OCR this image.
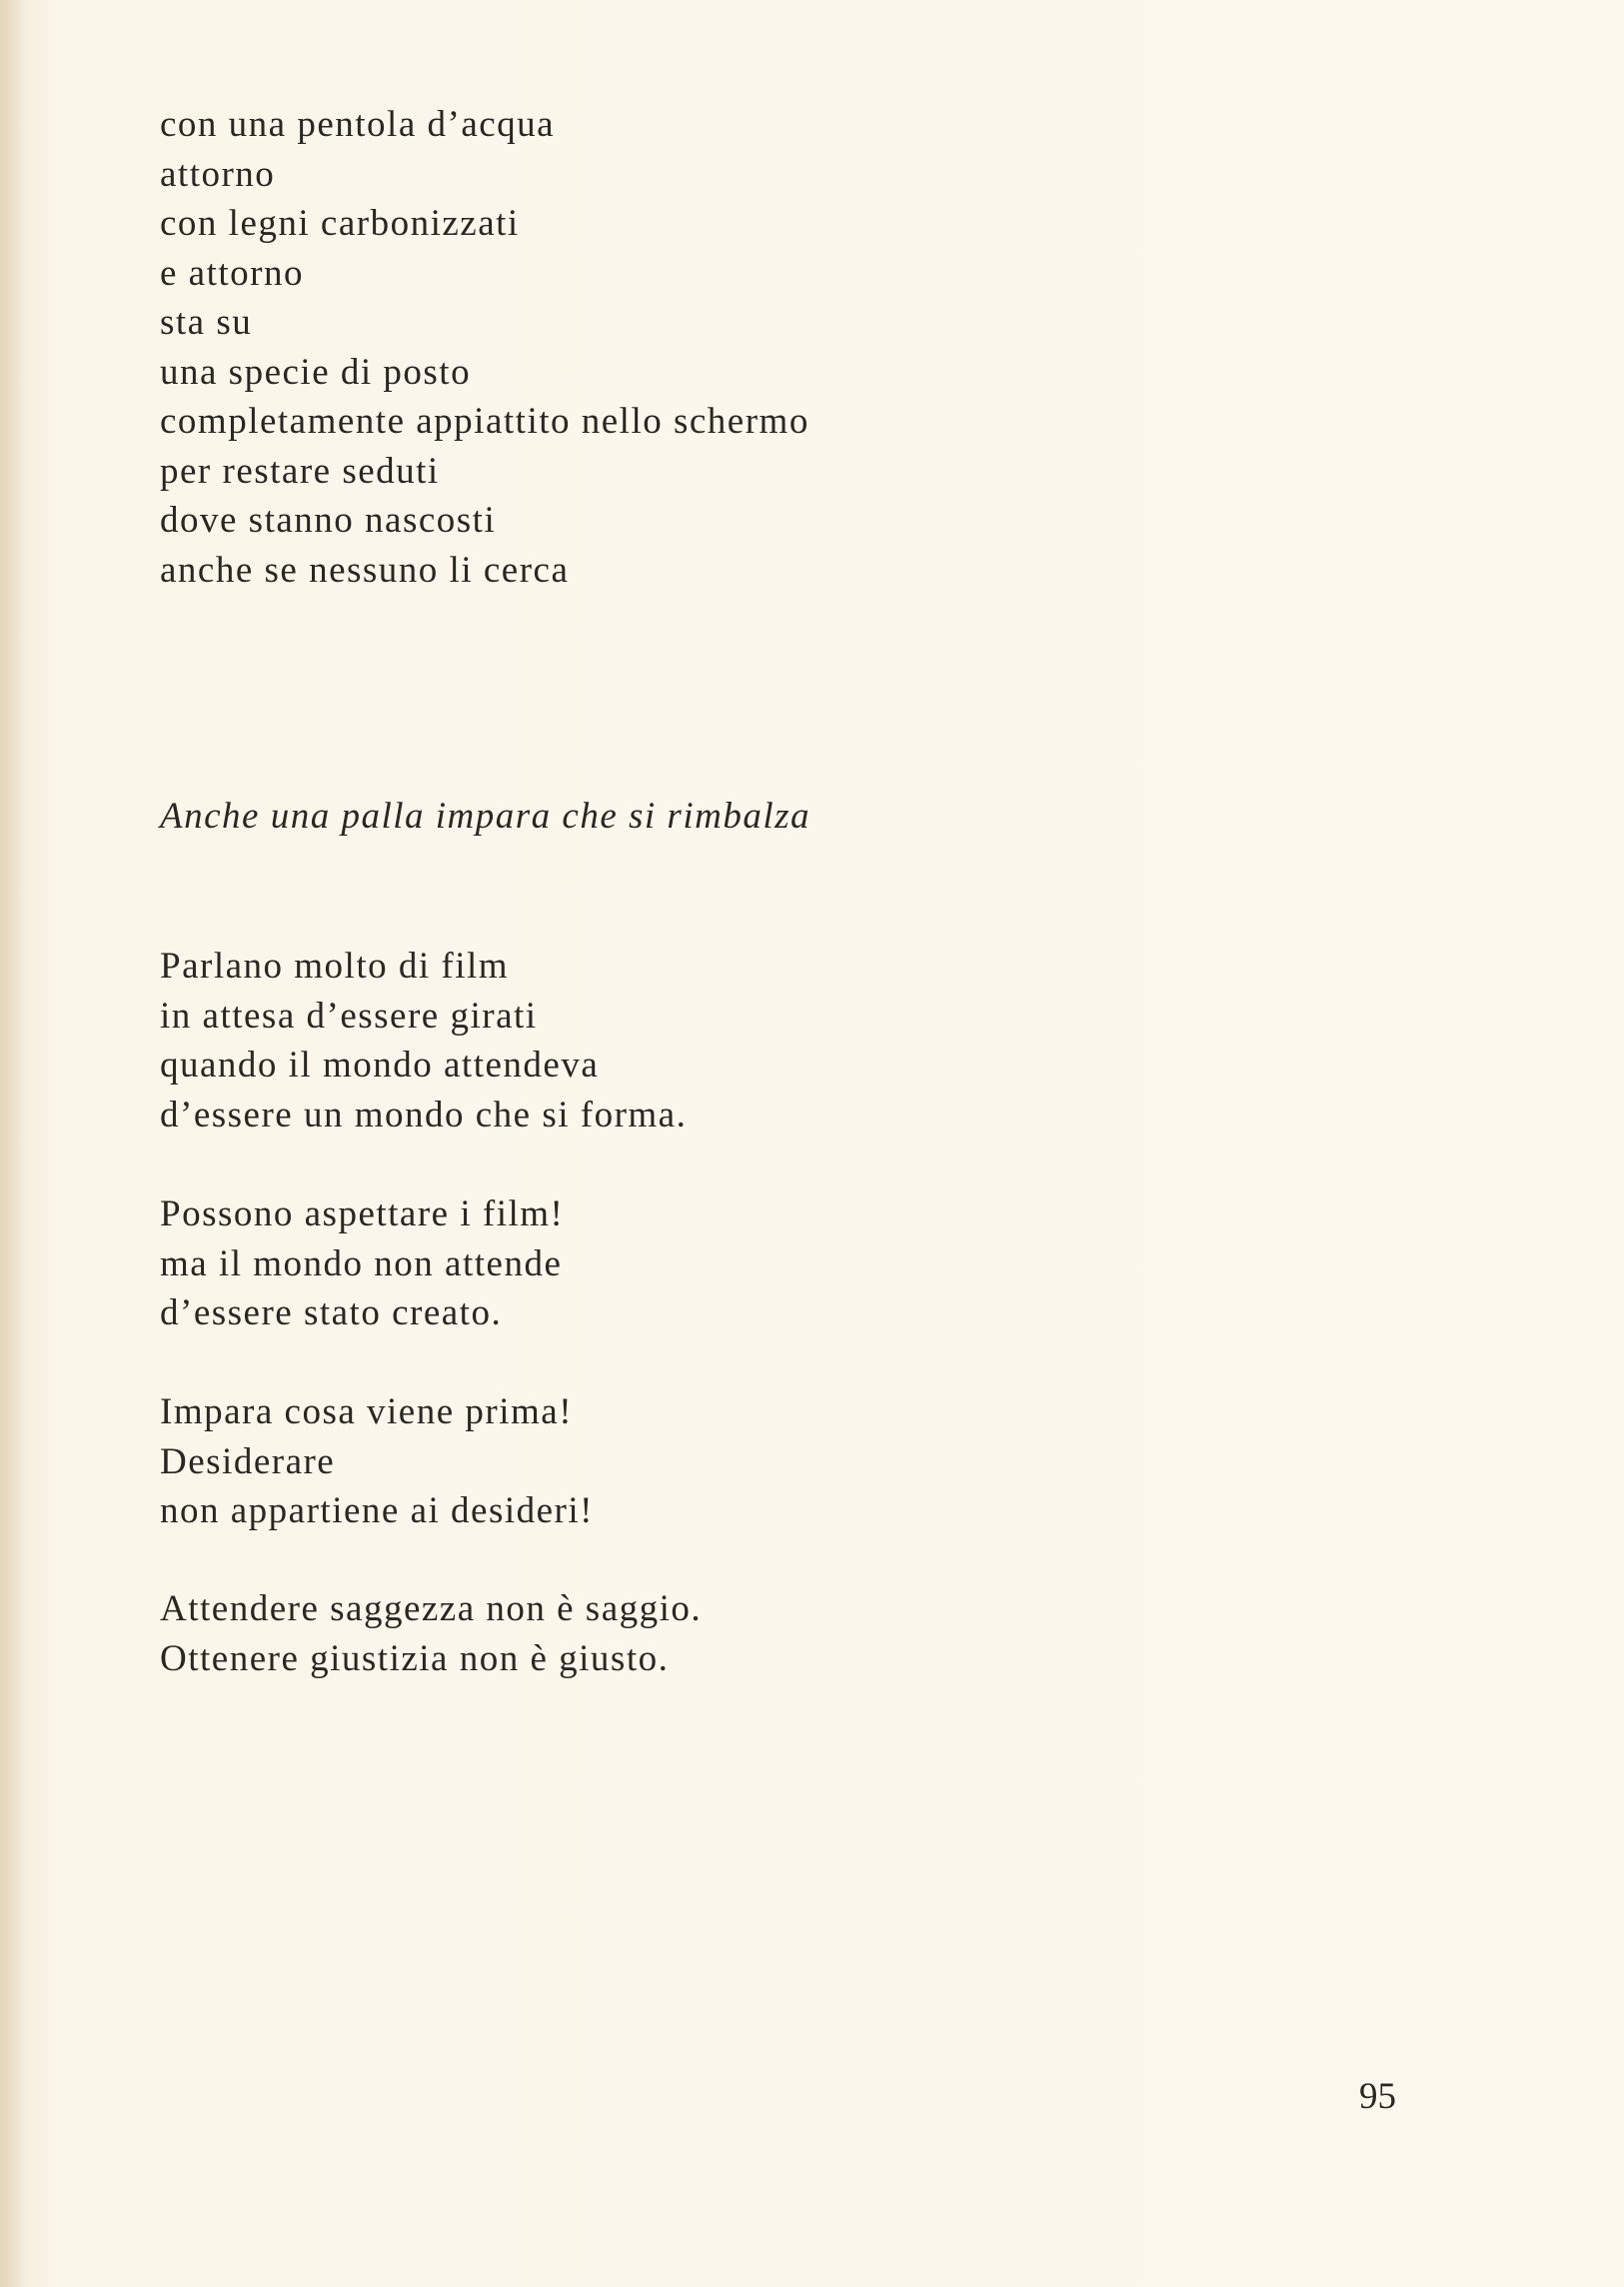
con una pentola d’acqua
attorno
con legni carbonizzati
e attorno
sta su
una specie di posto
completamente appiattito nello schermo
per restare seduti
dove stanno nascosti
anche se nessuno li cerca
Anche una palla impara che si rimbalza
Parlano molto di film
in attesa d’essere girati
quando il mondo attendeva
d’essere un mondo che si forma.
Possono aspettare i film!
ma il mondo non attende
d’essere stato creato.
Impara cosa viene prima!
Desiderare
non appartiene ai desideri!
Attendere saggezza non è saggio.
Ottenere giustizia non è giusto.
95
